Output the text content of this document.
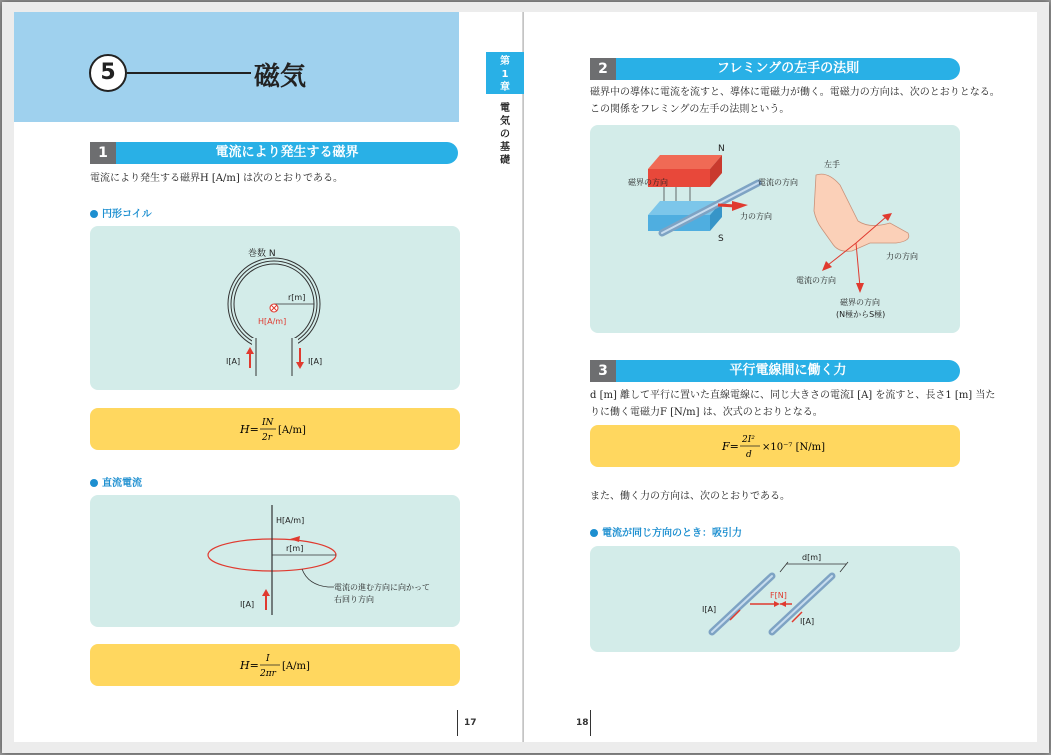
5	磁気
1	電流により発生する磁界
電流により発生する磁界H [A/m] は次のとおりである。
円形コイル
巻数 N
r[m]
H[A/m]
I[A]	I[A]
H= IN
2r
[A/m]
直流電流
r[m]
H[A/m]
I[A]
電流の進む方向に向かって
右回り方向
H= I
2πr
[A/m]
17
2	フレミングの左手の法則
磁界中の導体に電流を流すと、導体に電磁力が働く。電磁力の方向は、次のとおりとなる。
この関係をフレミングの左手の法則という。
N
S
磁界の方向	電流の方向
力の方向
左手
力の方向
電流の方向
磁界の方向
(N極からS極)
3	平行電線間に働く力
d [m] 離して平行に置いた直線電線に、同じ大きさの電流I [A] を流すと、長さ1 [m] 当た
りに働く電磁力F [N/m] は、次式のとおりとなる。
F= 2I²
d
×10⁻⁷ [N/m]
また、働く力の方向は、次のとおりである。
電流が同じ方向のとき：吸引力
d[m]
F[N]
I[A]
I[A]
18
第1章
電気の基礎
